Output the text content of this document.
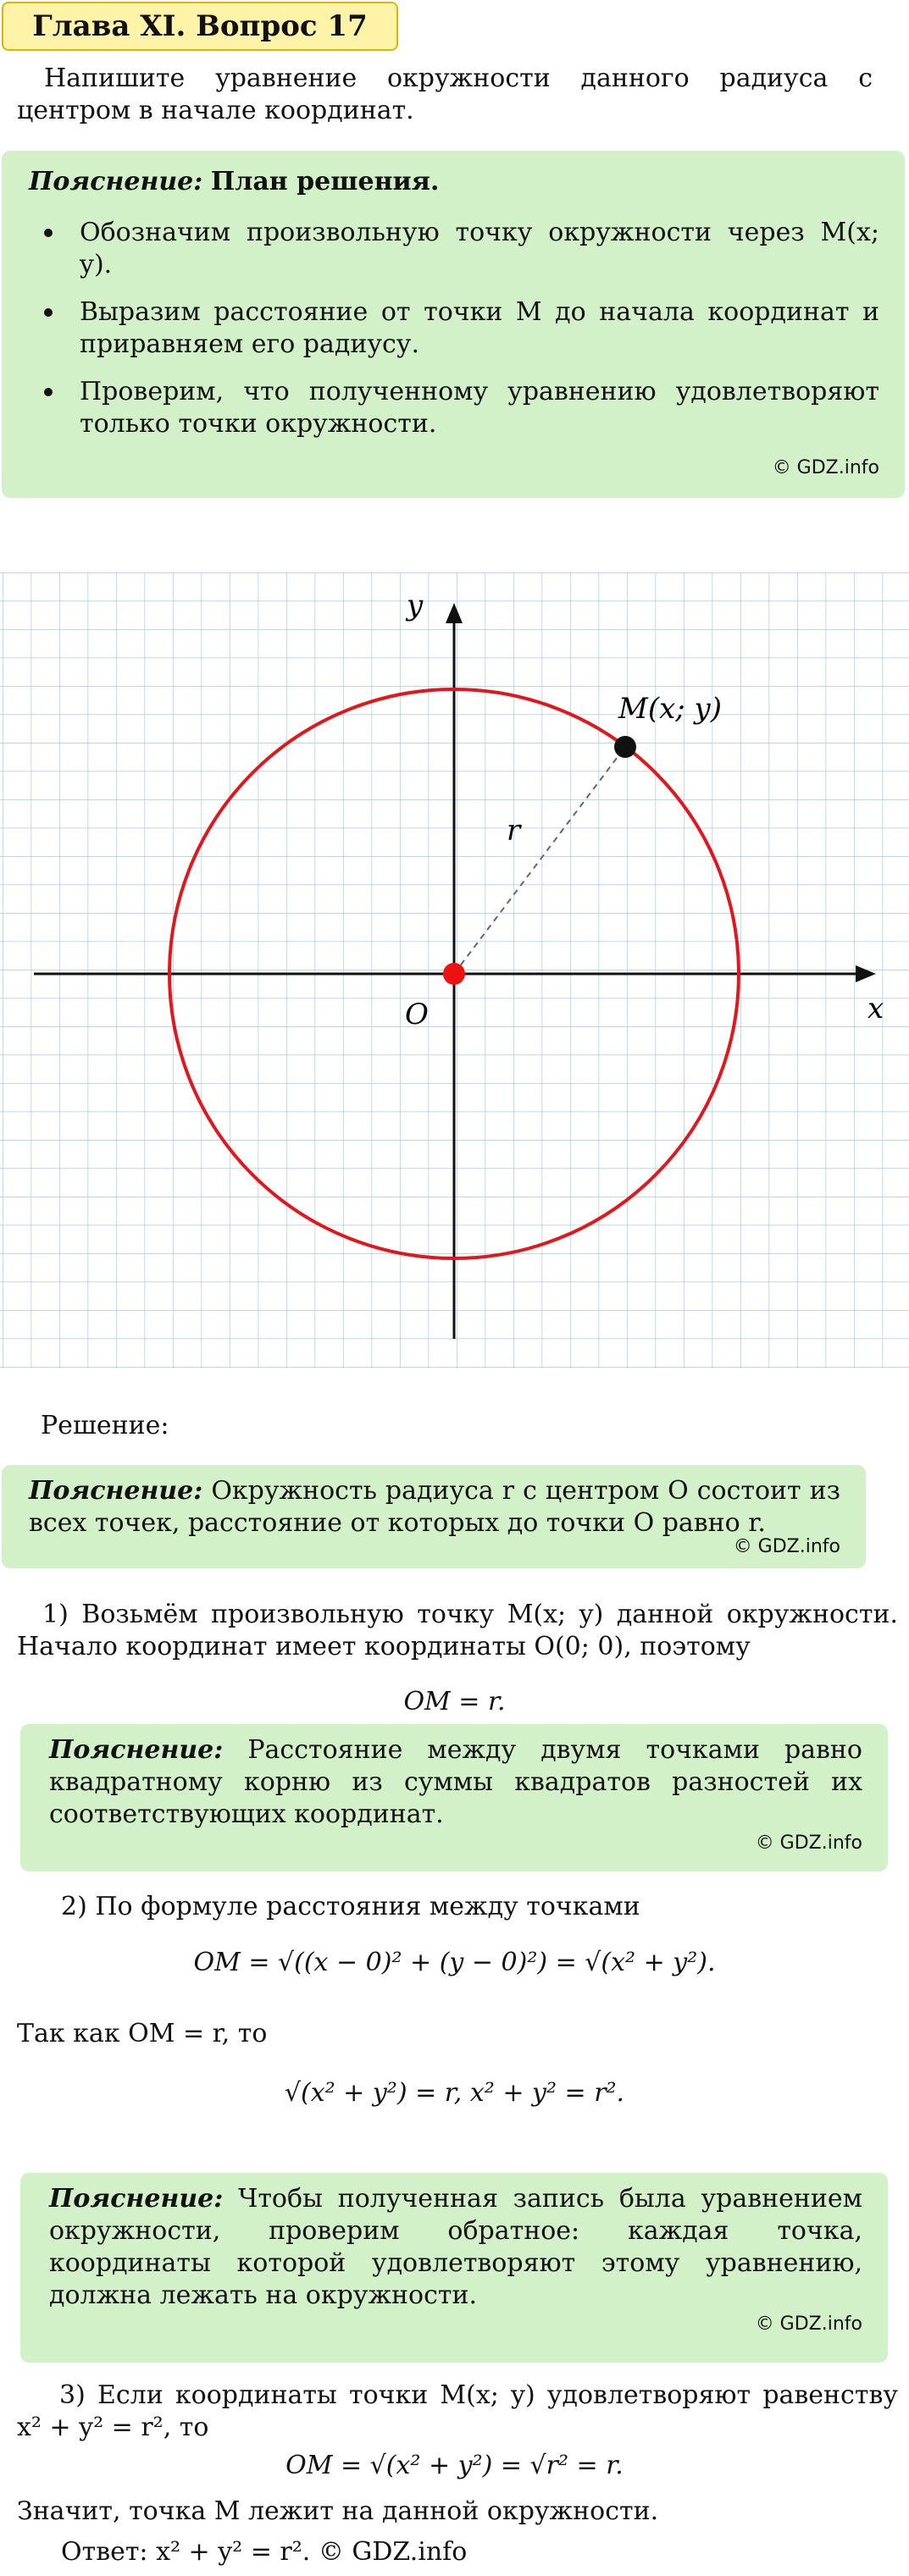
Глава XI. Вопрос 17
Напишите уравнение окружности данного радиуса с центром в начале координат.
Пояснение: План решения.
Обозначим произвольную точку окружности через M(x; y).
Выразим расстояние от точки M до начала координат и приравняем его радиусу.
Проверим, что полученному уравнению удовлетворяют только точки окружности.
© GDZ.info
x
y
O
M(x; y)
r
Решение:
Пояснение: Окружность радиуса r с центром O состоит из всех точек, расстояние от которых до точки O равно r.
© GDZ.info
1) Возьмём произвольную точку M(x; y) данной окружности. Начало координат имеет координаты O(0; 0), поэтому
OM = r.
Пояснение: Расстояние между двумя точками равно квадратному корню из суммы квадратов разностей их соответствующих координат.
© GDZ.info
2) По формуле расстояния между точками
OM = √((x − 0)² + (y − 0)²) = √(x² + y²).
Так как OM = r, то
√(x² + y²) = r, x² + y² = r².
Пояснение: Чтобы полученная запись была уравнением окружности, проверим обратное: каждая точка, координаты которой удовлетворяют этому уравнению, должна лежать на окружности.
© GDZ.info
3) Если координаты точки M(x; y) удовлетворяют равенству x² + y² = r², то
OM = √(x² + y²) = √r² = r.
Значит, точка M лежит на данной окружности.
Ответ: x² + y² = r². © GDZ.info
